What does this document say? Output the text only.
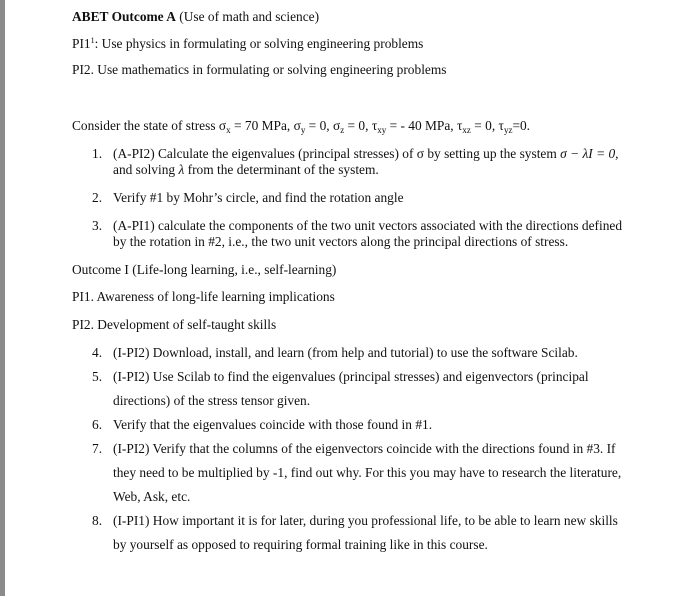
ABET Outcome A (Use of math and science)
$PI1^1$: Use physics in formulating or solving engineering problems
PI2. Use mathematics in formulating or solving engineering problems
Consider the state of stress $\sigma_x = 70$ MPa, $\sigma_y = 0$, $\sigma_z = 0$, $\tau_{xy}$ = - 40 MPa, $\tau_{xz} = 0$, $\tau_{yz}=0$.
1. (A-PI2) Calculate the eigenvalues (principal stresses) of σ by setting up the system σ − λI = 0,
and solving λ from the determinant of the system.
2. Verify #1 by Mohr’s circle, and find the rotation angle
3. (A-PI1) calculate the components of the two unit vectors associated with the directions defined
by the rotation in #2, i.e., the two unit vectors along the principal directions of stress.
Outcome I (Life-long learning, i.e., self-learning)
PI1. Awareness of long-life learning implications
PI2. Development of self-taught skills
4. (I-PI2) Download, install, and learn (from help and tutorial) to use the software Scilab.
5. (I-PI2) Use Scilab to find the eigenvalues (principal stresses) and eigenvectors (principal
directions) of the stress tensor given.
6. Verify that the eigenvalues coincide with those found in #1.
7. (I-PI2) Verify that the columns of the eigenvectors coincide with the directions found in #3. If
they need to be multiplied by -1, find out why. For this you may have to research the literature,
Web, Ask, etc.
8. (I-PI1) How important it is for later, during you professional life, to be able to learn new skills
by yourself as opposed to requiring formal training like in this course.
